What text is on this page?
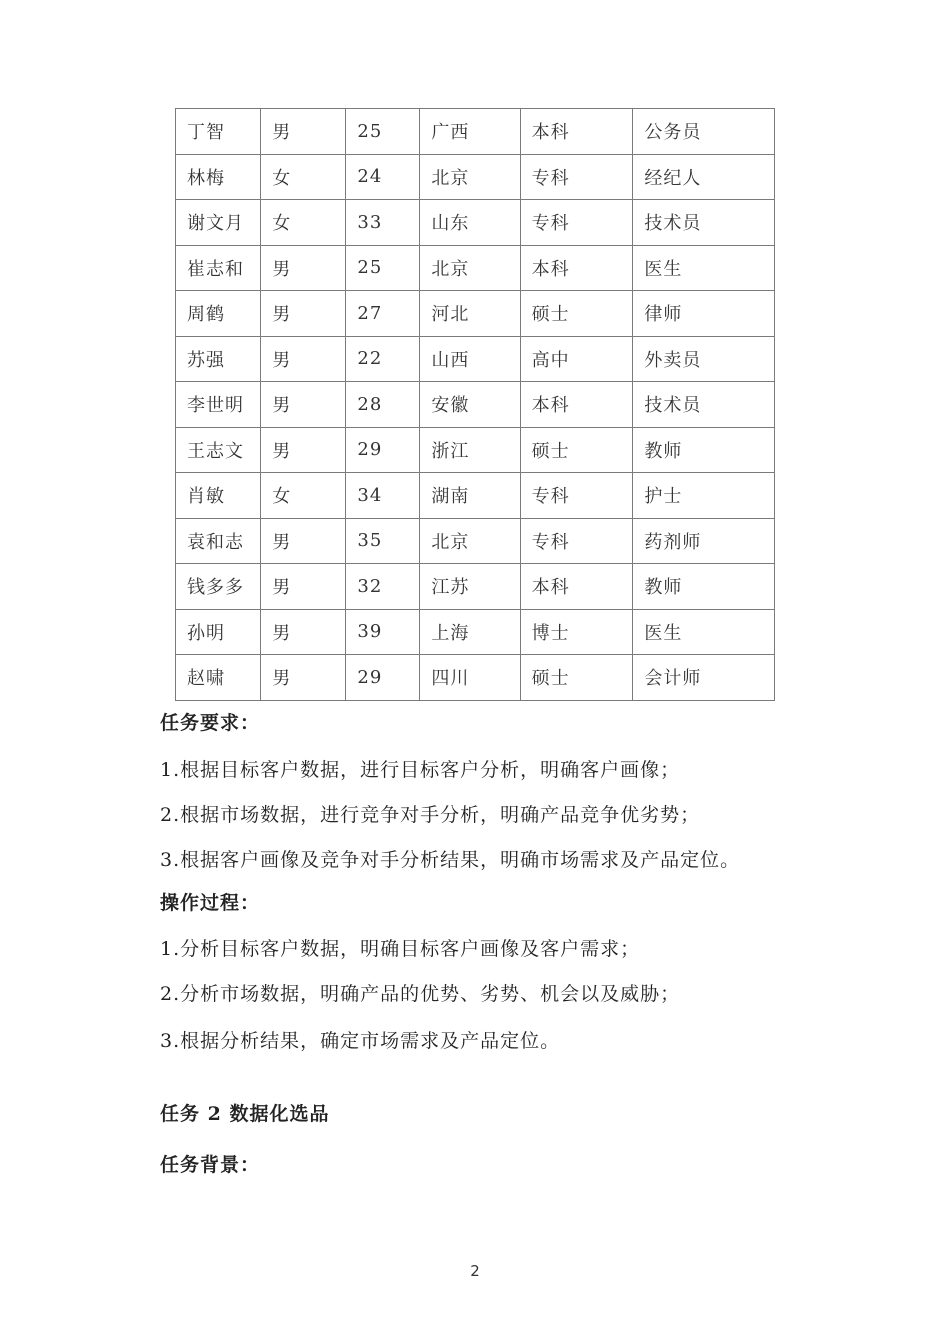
丁智	男	25	广西	本科	公务员
林梅	女	24	北京	专科	经纪人
谢文月	女	33	山东	专科	技术员
崔志和	男	25	北京	本科	医生
周鹤	男	27	河北	硕士	律师
苏强	男	22	山西	高中	外卖员
李世明	男	28	安徽	本科	技术员
王志文	男	29	浙江	硕士	教师
肖敏	女	34	湖南	专科	护士
袁和志	男	35	北京	专科	药剂师
钱多多	男	32	江苏	本科	教师
孙明	男	39	上海	博士	医生
赵啸	男	29	四川	硕士	会计师
任务要求：
1.根据目标客户数据，进行目标客户分析，明确客户画像；
2.根据市场数据，进行竞争对手分析，明确产品竞争优劣势；
3.根据客户画像及竞争对手分析结果，明确市场需求及产品定位。
操作过程：
1.分析目标客户数据，明确目标客户画像及客户需求；
2.分析市场数据，明确产品的优势、劣势、机会以及威胁；
3.根据分析结果，确定市场需求及产品定位。
任务 2 数据化选品
任务背景：
2
